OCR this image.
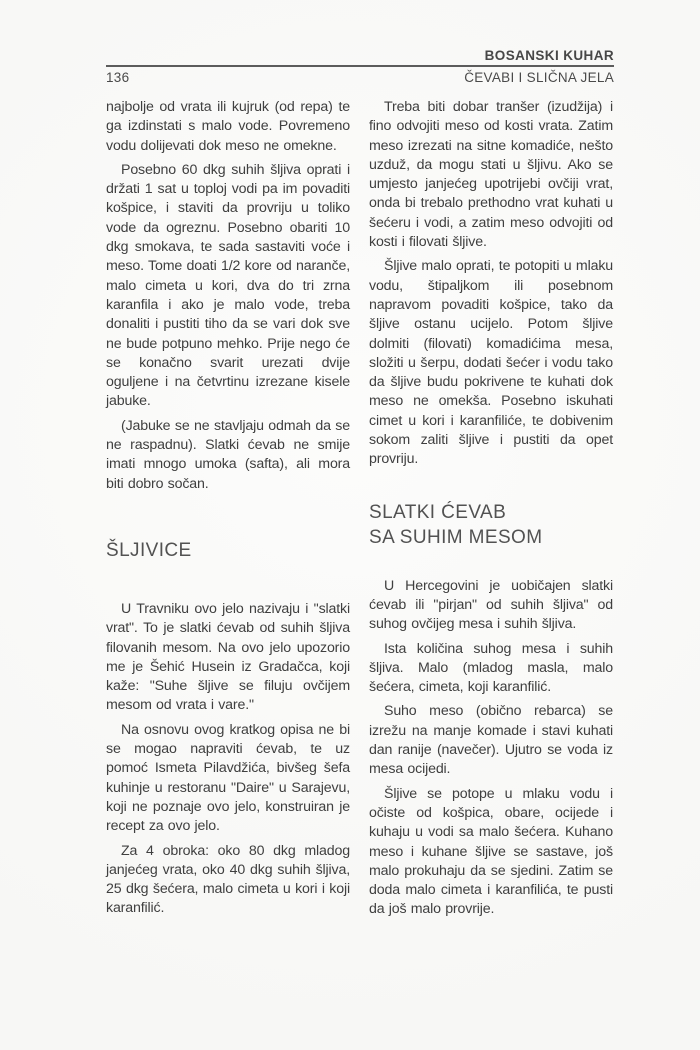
BOSANSKI KUHAR
136	ČEVABI I SLIČNA JELA

najbolje od vrata ili kujruk (od repa) te ga izdinstati s malo vode. Povremeno vodu dolijevati dok meso ne omekne.

Posebno 60 dkg suhih šljiva oprati i držati 1 sat u toploj vodi pa im povaditi košpice, i staviti da provriju u toliko vode da ogreznu. Posebno obariti 10 dkg smokava, te sada sastaviti voće i meso. Tome doati 1/2 kore od naranče, malo cimeta u kori, dva do tri zrna karanfila i ako je malo vode, treba donaliti i pustiti tiho da se vari dok sve ne bude potpuno mehko. Prije nego će se konačno svarit urezati dvije oguljene i na četvrtinu izrezane kisele jabuke.

(Jabuke se ne stavljaju odmah da se ne raspadnu). Slatki ćevab ne smije imati mnogo umoka (safta), ali mora biti dobro sočan.

ŠLJIVICE

U Travniku ovo jelo nazivaju i "slatki vrat". To je slatki ćevab od suhih šljiva filovanih mesom. Na ovo jelo upozorio me je Šehić Husein iz Gradačca, koji kaže: "Suhe šljive se filuju ovčijem mesom od vrata i vare."

Na osnovu ovog kratkog opisa ne bi se mogao napraviti ćevab, te uz pomoć Ismeta Pilavdžića, bivšeg šefa kuhinje u restoranu "Daire" u Sarajevu, koji ne poznaje ovo jelo, konstruiran je recept za ovo jelo.

Za 4 obroka: oko 80 dkg mladog janjećeg vrata, oko 40 dkg suhih šljiva, 25 dkg šećera, malo cimeta u kori i koji karanfilić.

Treba biti dobar tranšer (izudžija) i fino odvojiti meso od kosti vrata. Zatim meso izrezati na sitne komadiće, nešto uzduž, da mogu stati u šljivu. Ako se umjesto janjećeg upotrijebi ovčiji vrat, onda bi trebalo prethodno vrat kuhati u šećeru i vodi, a zatim meso odvojiti od kosti i filovati šljive.

Šljive malo oprati, te potopiti u mlaku vodu, štipaljkom ili posebnom napravom povaditi košpice, tako da šljive ostanu ucijelo. Potom šljive dolmiti (filovati) komadićima mesa, složiti u šerpu, dodati šećer i vodu tako da šljive budu pokrivene te kuhati dok meso ne omekša. Posebno iskuhati cimet u kori i karanfiliće, te dobivenim sokom zaliti šljive i pustiti da opet provriju.

SLATKI ĆEVAB
SA SUHIM MESOM

U Hercegovini je uobičajen slatki ćevab ili "pirjan" od suhih šljiva" od suhog ovčijeg mesa i suhih šljiva.

Ista količina suhog mesa i suhih šljiva. Malo (mladog masla, malo šećera, cimeta, koji karanfilić.

Suho meso (obično rebarca) se izrežu na manje komade i stavi kuhati dan ranije (navečer). Ujutro se voda iz mesa ocijedi.

Šljive se potope u mlaku vodu i očiste od košpica, obare, ocijede i kuhaju u vodi sa malo šećera. Kuhano meso i kuhane šljive se sastave, još malo prokuhaju da se sjedini. Zatim se doda malo cimeta i karanfilića, te pusti da još malo provrije.
